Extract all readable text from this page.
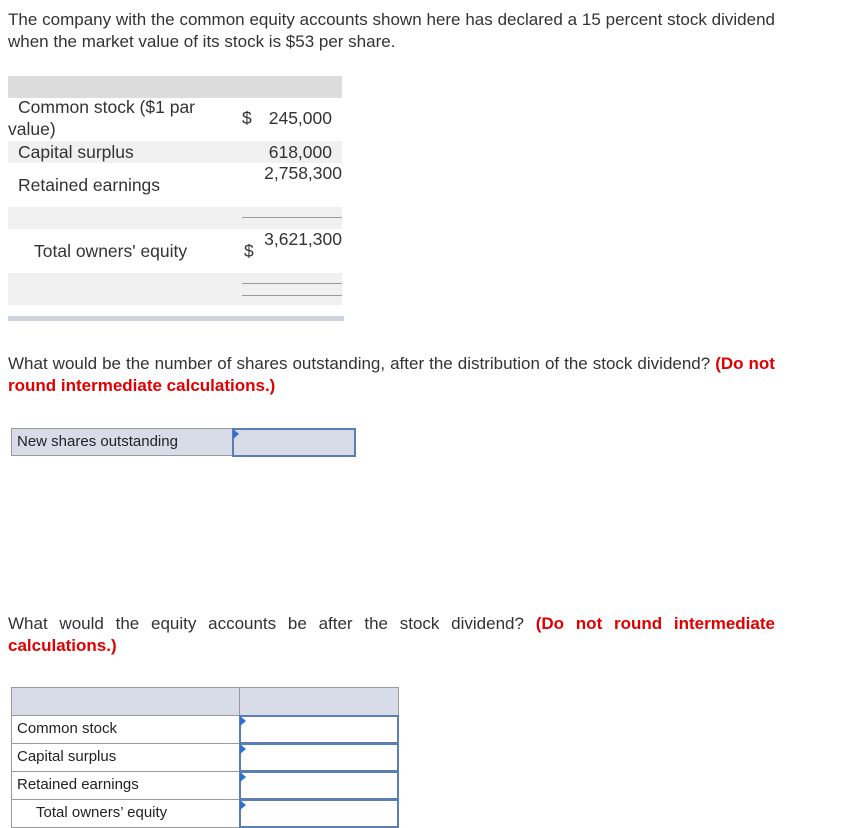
The company with the common equity accounts shown here has declared a 15 percent stock dividend when the market value of its stock is $53 per share.
Common stock ($1 par
value)
$ 245,000
Capital surplus	618,000
Retained earnings
2,758,300
Total owners' equity	$
3,621,300
What would be the number of shares outstanding, after the distribution of the stock dividend? (Do not round intermediate calculations.)
New shares outstanding
What would the equity accounts be after the stock dividend? (Do not round intermediate calculations.)
Common stock
Capital surplus
Retained earnings
Total owners’ equity
